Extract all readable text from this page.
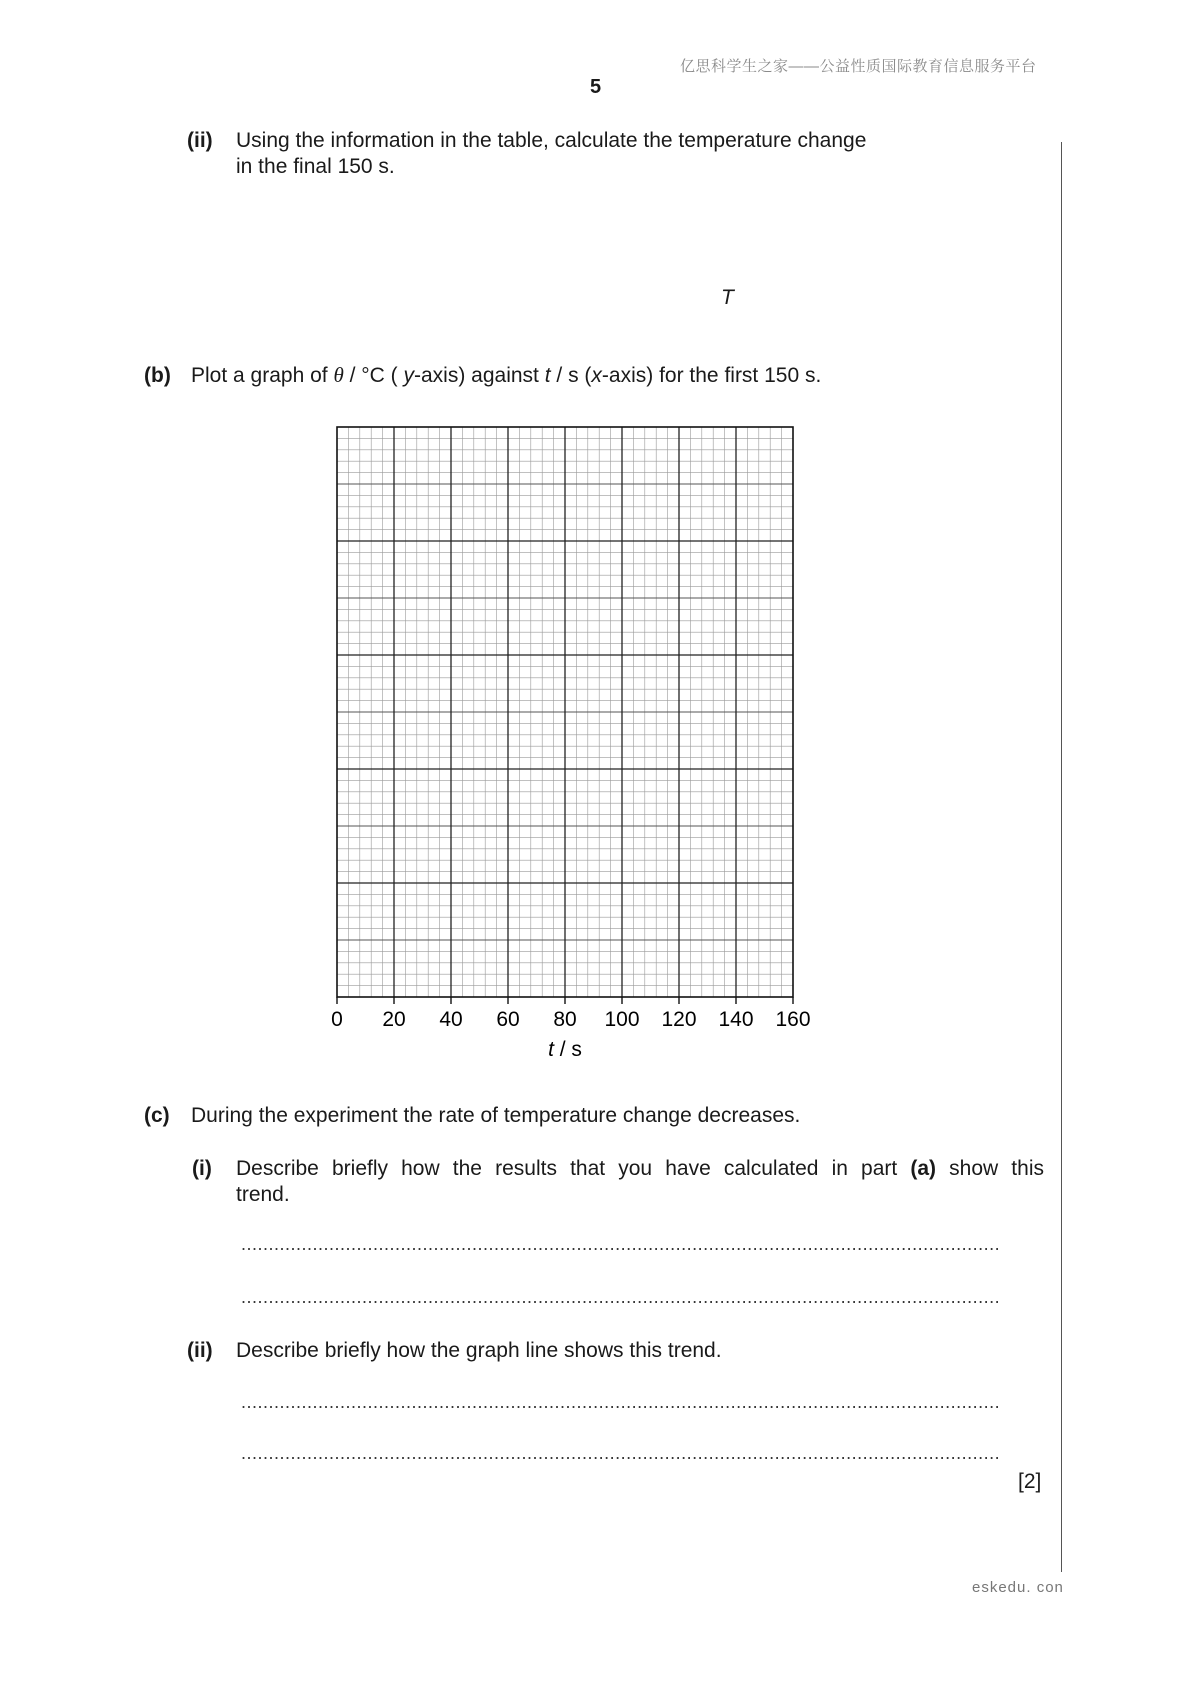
亿思科学生之家——公益性质国际教育信息服务平台
5
(ii) Using the information in the table, calculate the temperature change
in the final 150 s.
T
(b) Plot a graph of θ / °C ( y-axis) against t / s (x-axis) for the first 150 s.
0 20 40 60 80 100 120 140 160
t / s
(c) During the experiment the rate of temperature change decreases.
(i) Describe briefly how the results that you have calculated in part (a) show this
trend.
..........................................................................................................................................
..........................................................................................................................................
(ii) Describe briefly how the graph line shows this trend.
..........................................................................................................................................
..........................................................................................................................................
[2]
eskedu. con
